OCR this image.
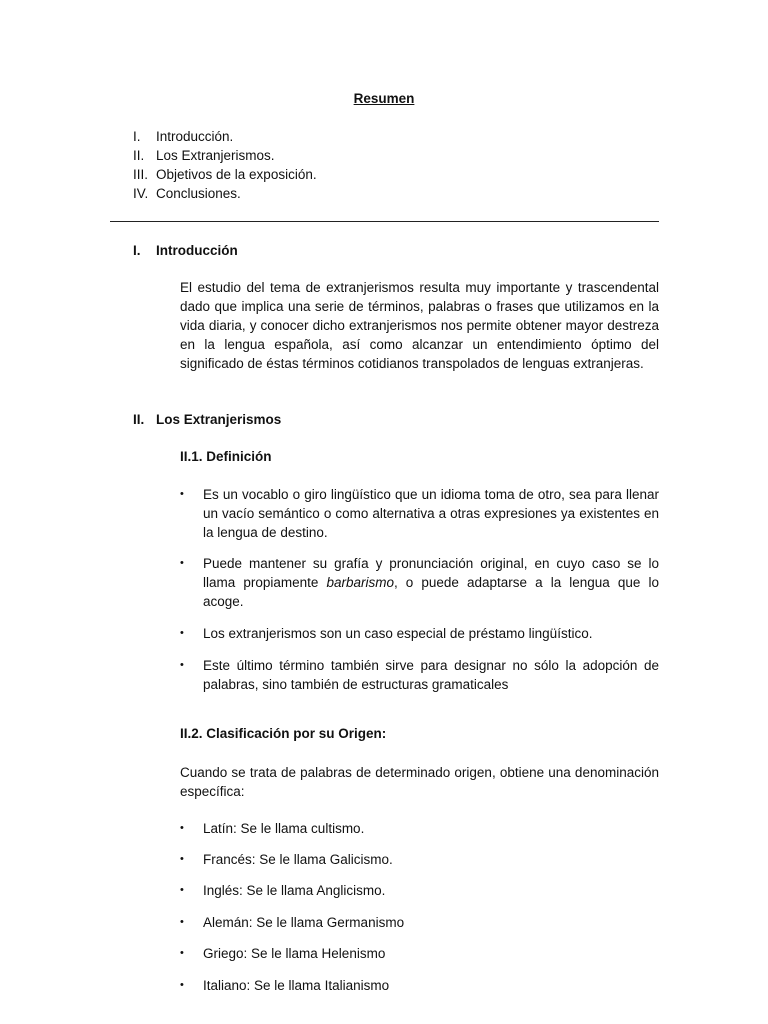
Resumen
I.	Introducción.
II. Los Extranjerismos.
III. Objetivos de la exposición.
IV. Conclusiones.
I.	Introducción
El estudio del tema de extranjerismos resulta muy importante y trascendental dado que implica una serie de términos, palabras o frases que utilizamos en la vida diaria, y conocer dicho extranjerismos nos permite obtener mayor destreza en la lengua española, así como alcanzar un entendimiento óptimo del significado de éstas términos cotidianos transpolados de lenguas extranjeras.
II. Los Extranjerismos
II.1. Definición
•	Es un vocablo o giro lingüístico que un idioma toma de otro, sea para llenar un vacío semántico o como alternativa a otras expresiones ya existentes en la lengua de destino.
•	Puede mantener su grafía y pronunciación original, en cuyo caso se lo llama propiamente barbarismo, o puede adaptarse a la lengua que lo acoge.
•	Los extranjerismos son un caso especial de préstamo lingüístico.
•	Este último término también sirve para designar no sólo la adopción de palabras, sino también de estructuras gramaticales
II.2. Clasificación por su Origen:
Cuando se trata de palabras de determinado origen, obtiene una denominación específica:
•	Latín: Se le llama cultismo.
•	Francés: Se le llama Galicismo.
•	Inglés: Se le llama Anglicismo.
•	Alemán: Se le llama Germanismo
•	Griego: Se le llama Helenismo
•	Italiano: Se le llama Italianismo
